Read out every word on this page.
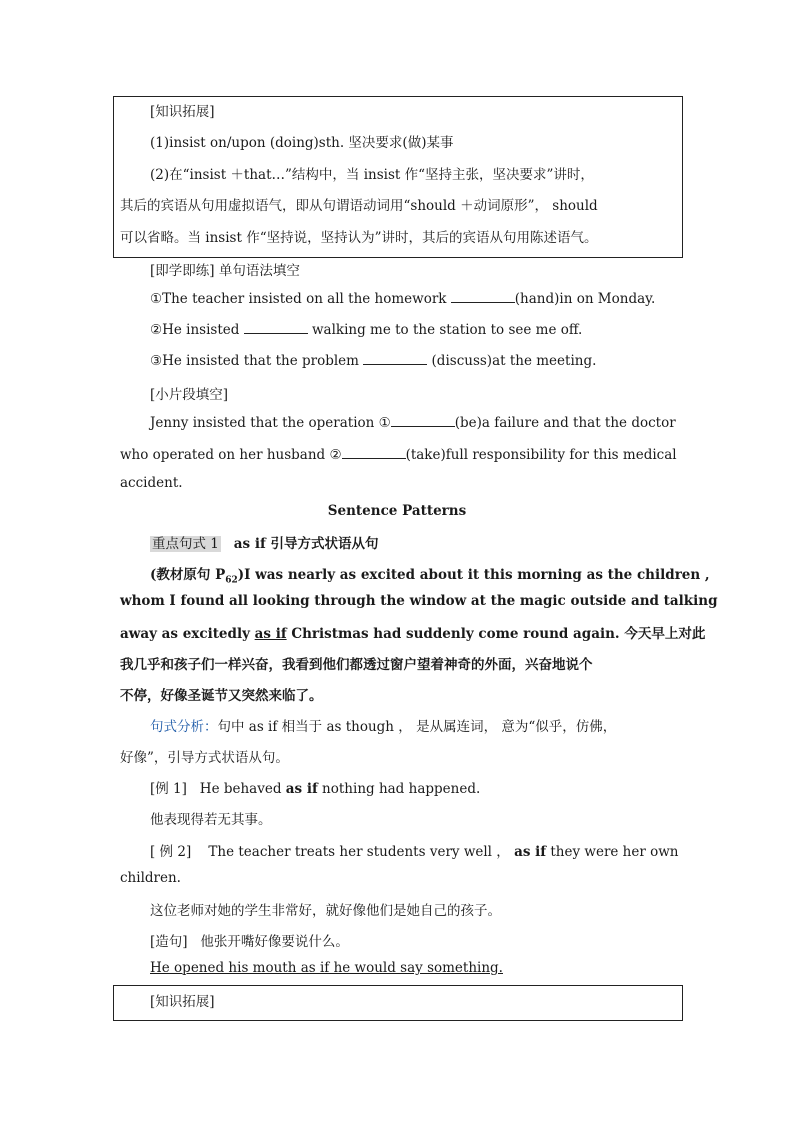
[知识拓展]
(1)insist on/upon (doing)sth. 坚决要求(做)某事
(2)在“insist ＋that…”结构中，当 insist 作“坚持主张，坚决要求”讲时，
其后的宾语从句用虚拟语气，即从句谓语动词用“should ＋动词原形”， should
可以省略。当 insist 作“坚持说，坚持认为”讲时，其后的宾语从句用陈述语气。
[即学即练] 单句语法填空
①The teacher insisted on all the homework	(hand)in on Monday.
②He insisted	walking me to the station to see me off.
③He insisted that the problem	(discuss)at the meeting.
[小片段填空]
Jenny insisted that the operation ①	(be)a failure and that the doctor
who operated on her husband ②	(take)full responsibility for this medical
accident.
Sentence Patterns
重点句式 1 as if 引导方式状语从句
(教材原句 $P_{62})I$ was nearly as excited about it this morning as the children ,
whom I found all looking through the window at the magic outside and talking
away as excitedly as if Christmas had suddenly come round again. 今天早上对此
我几乎和孩子们一样兴奋，我看到他们都透过窗户望着神奇的外面，兴奋地说个
不停，好像圣诞节又突然来临了。
句式分析：句中 as if 相当于 as though ， 是从属连词， 意为“似乎，仿佛，
好像”，引导方式状语从句。
[例 1] He behaved as if nothing had happened.
他表现得若无其事。
[ 例 2] The teacher treats her students very well ， as if they were her own
children.
这位老师对她的学生非常好，就好像他们是她自己的孩子。
[造句] 他张开嘴好像要说什么。
He opened his mouth as if he would say something.
[知识拓展]
